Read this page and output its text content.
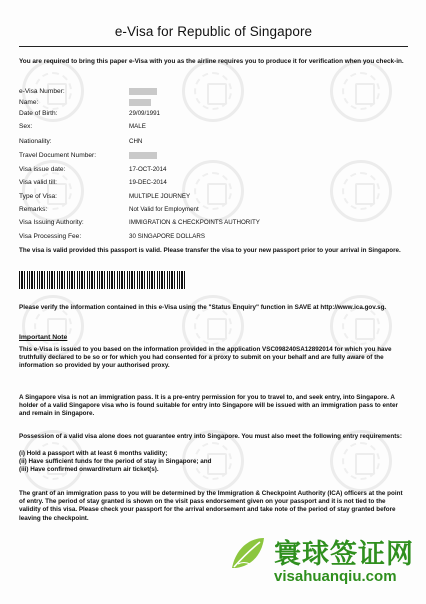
e-Visa for Republic of Singapore
You are required to bring this paper e-Visa with you as the airline requires you to produce it for verification when you check-in.
e-Visa Number:
Name:
Date of Birth:	29/09/1991
Sex:	MALE
Nationality:	CHN
Travel Document Number:
Visa issue date:	17-OCT-2014
Visa valid till:	19-DEC-2014
Type of Visa:	MULTIPLE JOURNEY
Remarks:	Not Valid for Employment
Visa Issuing Authority:	IMMIGRATION & CHECKPOINTS AUTHORITY
Visa Processing Fee:	30 SINGAPORE DOLLARS
The visa is valid provided this passport is valid. Please transfer the visa to your new passport prior to your arrival in Singapore.
Please verify the information contained in this e-Visa using the "Status Enquiry" function in SAVE at http://www.ica.gov.sg.
Important Note
This e-Visa is issued to you based on the information provided in the application VSC098240SA12892014 for which you have truthfully declared to be so or for which you had consented for a proxy to submit on your behalf and are fully aware of the information so provided by your authorised proxy.
A Singapore visa is not an immigration pass. It is a pre-entry permission for you to travel to, and seek entry, into Singapore. A holder of a valid Singapore visa who is found suitable for entry into Singapore will be issued with an immigration pass to enter and remain in Singapore.
Possession of a valid visa alone does not guarantee entry into Singapore. You must also meet the following entry requirements:
(i) Hold a passport with at least 6 months validity;
(ii) Have sufficient funds for the period of stay in Singapore; and
(iii) Have confirmed onward/return air ticket(s).
The grant of an immigration pass to you will be determined by the Immigration & Checkpoint Authority (ICA) officers at the point of entry. The period of stay granted is shown on the visit pass endorsement given on your passport and it is not tied to the validity of this visa. Please check your passport for the arrival endorsement and take note of the period of stay granted before leaving the checkpoint.
寰球签证网
visahuanqiu.com
